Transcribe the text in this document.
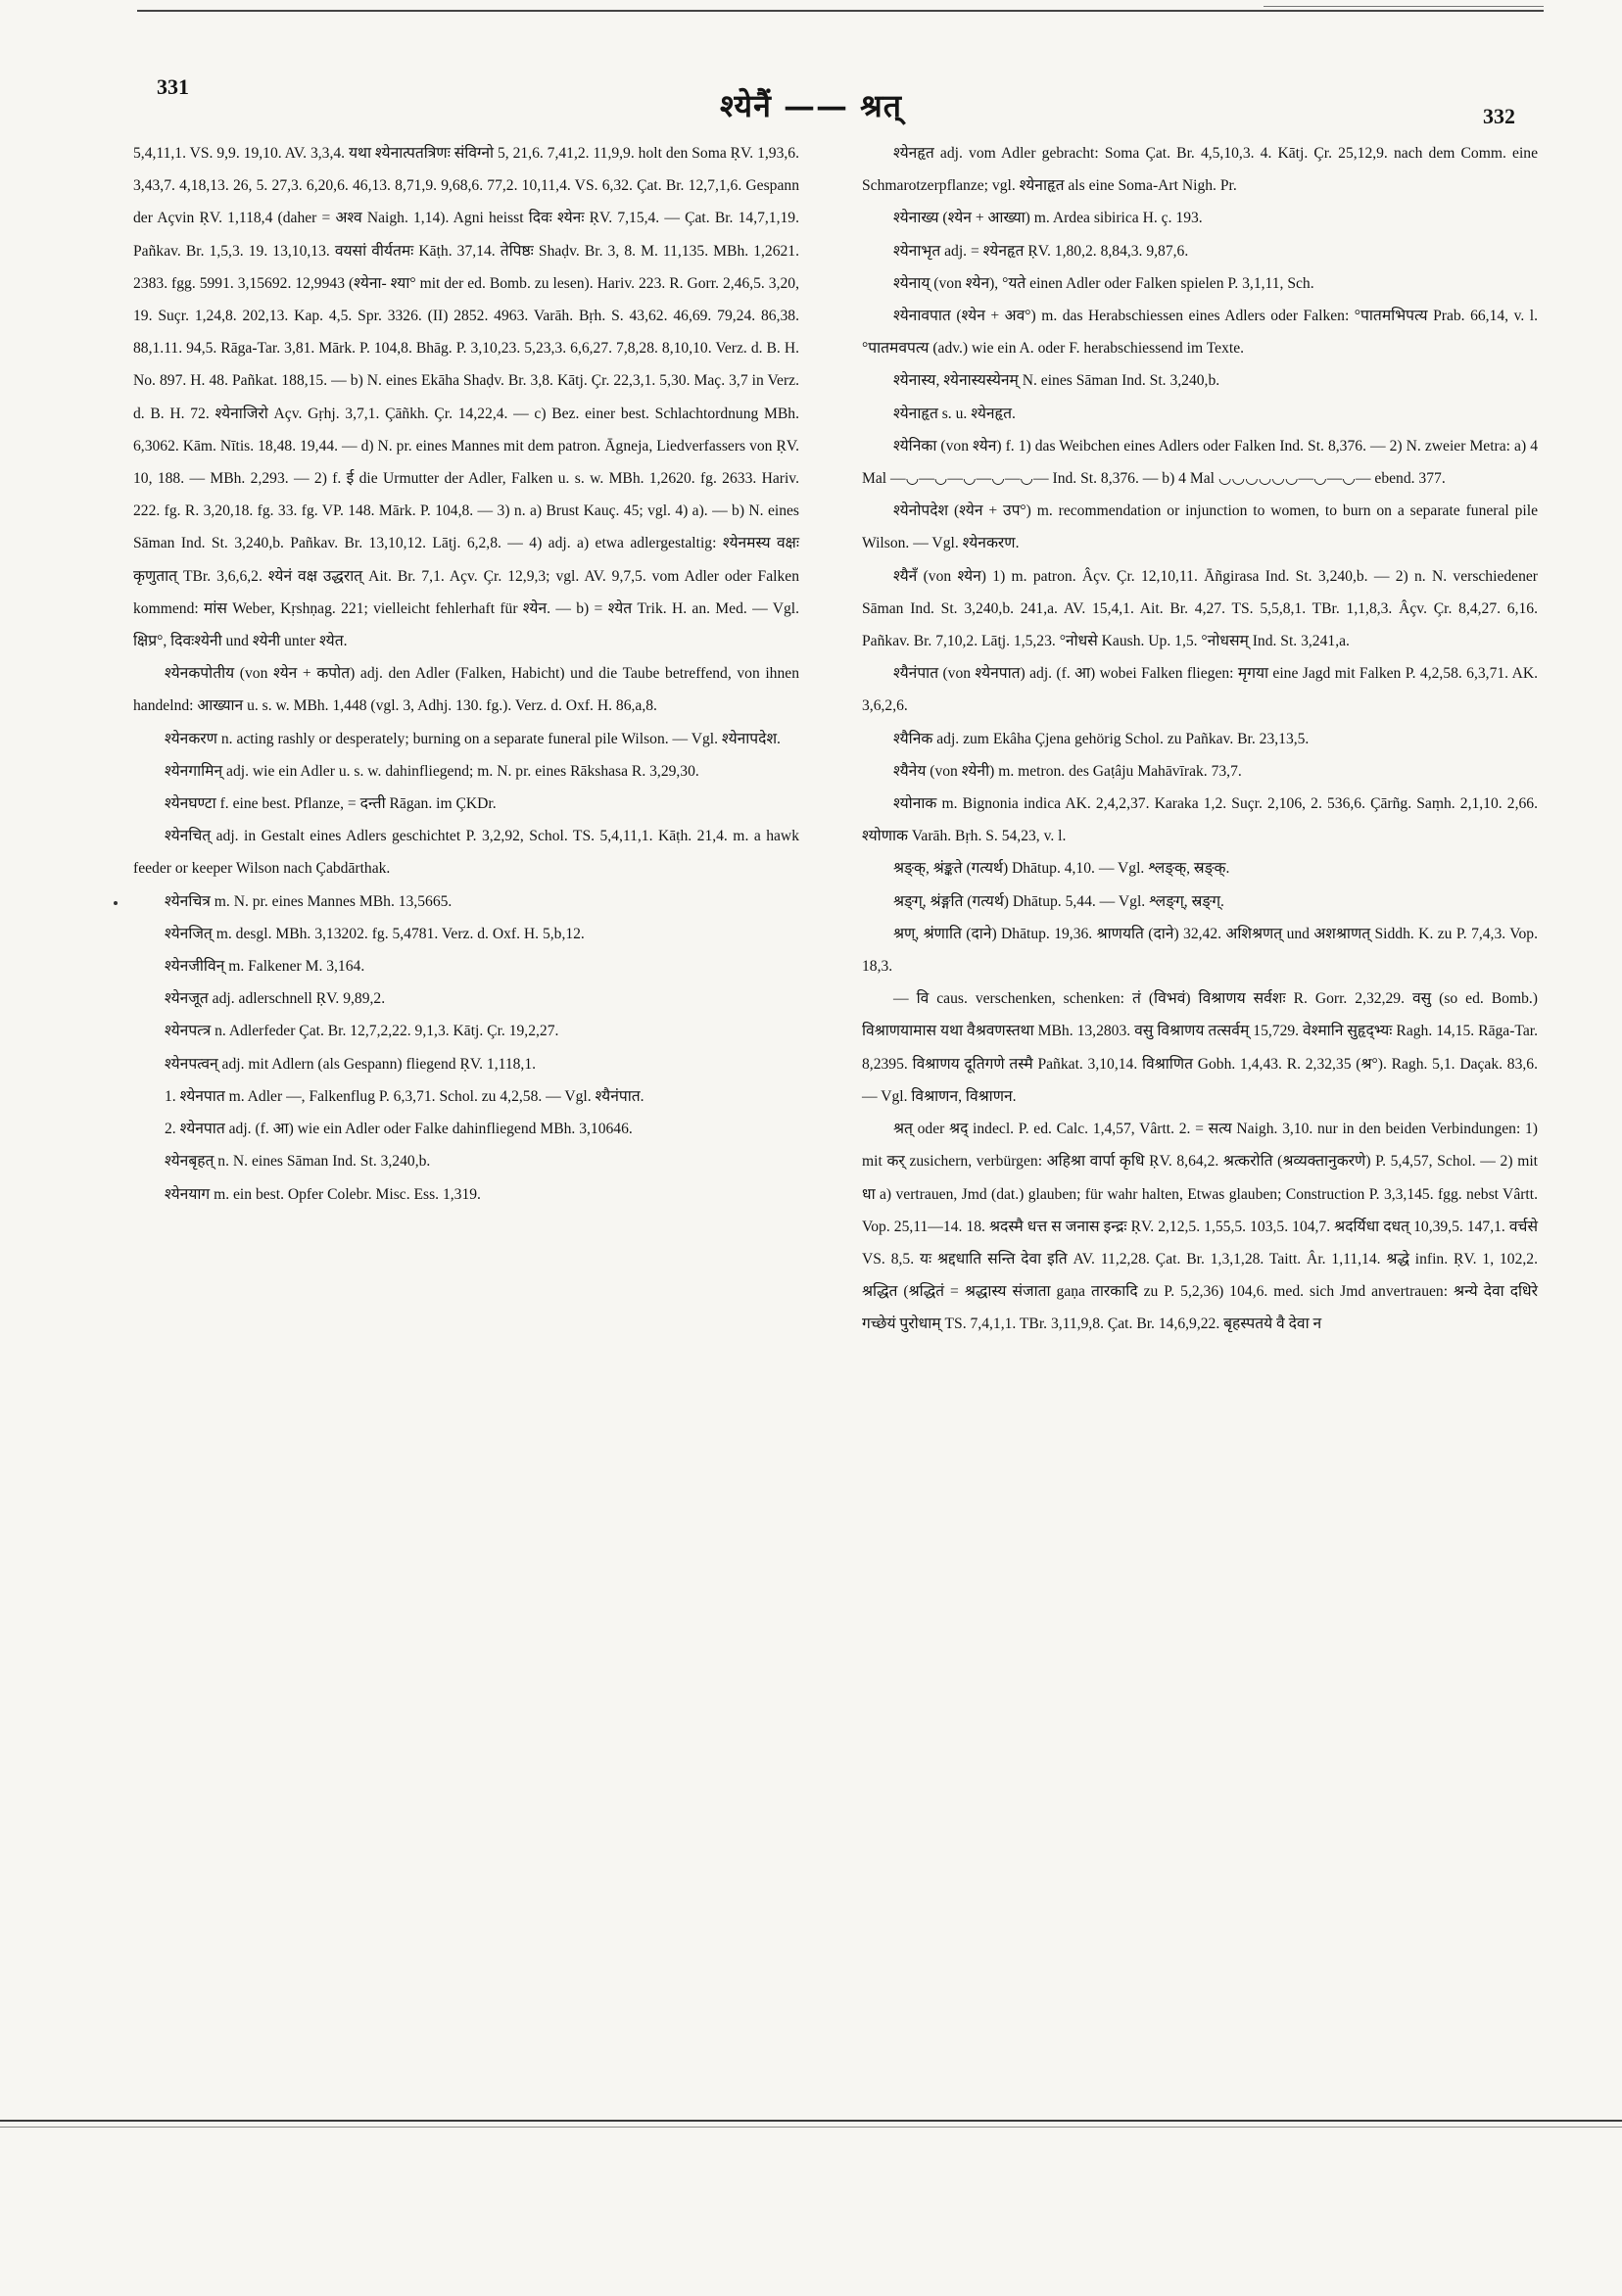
331
श्येनैं —— श्रत्	332

5,4,11,1. VS. 9,9. 19,10. AV. 3,3,4. यथा श्येनात्पतत्रिणः संविग्नो 5, 21,6. 7,41,2. 11,9,9. holt den Soma ṚV. 1,93,6. 3,43,7. 4,18,13. 26, 5. 27,3. 6,20,6. 46,13. 8,71,9. 9,68,6. 77,2. 10,11,4. VS. 6,32. Çat. Br. 12,7,1,6. Gespann der Açvin ṚV. 1,118,4 (daher = अश्व Naigh. 1,14). Agni heisst दिवः श्येनः ṚV. 7,15,4. — Çat. Br. 14,7,1,19. Pañkav. Br. 1,5,3. 19. 13,10,13. वयसां वीर्यतमः Kāṭh. 37,14. तेपिष्ठः Shaḍv. Br. 3, 8. M. 11,135. MBh. 1,2621. 2383. fgg. 5991. 3,15692. 12,9943 (श्येना- श्या° mit der ed. Bomb. zu lesen). Hariv. 223. R. Gorr. 2,46,5. 3,20, 19. Suçr. 1,24,8. 202,13. Kap. 4,5. Spr. 3326. (II) 2852. 4963. Varāh. Bṛh. S. 43,62. 46,69. 79,24. 86,38. 88,1.11. 94,5. Rāga-Tar. 3,81. Mārk. P. 104,8. Bhāg. P. 3,10,23. 5,23,3. 6,6,27. 7,8,28. 8,10,10. Verz. d. B. H. No. 897. H. 48. Pañkat. 188,15. — b) N. eines Ekāha Shaḍv. Br. 3,8. Kātj. Çr. 22,3,1. 5,30. Maç. 3,7 in Verz. d. B. H. 72. श्येनाजिरो Açv. Gṛhj. 3,7,1. Çāñkh. Çr. 14,22,4. — c) Bez. einer best. Schlachtordnung MBh. 6,3062. Kām. Nītis. 18,48. 19,44. — d) N. pr. eines Mannes mit dem patron. Āgneja, Liedverfassers von ṚV. 10, 188. — MBh. 2,293. — 2) f. ई die Urmutter der Adler, Falken u. s. w. MBh. 1,2620. fg. 2633. Hariv. 222. fg. R. 3,20,18. fg. 33. fg. VP. 148. Mārk. P. 104,8. — 3) n. a) Brust Kauç. 45; vgl. 4) a). — b) N. eines Sāman Ind. St. 3,240,b. Pañkav. Br. 13,10,12. Lāṭj. 6,2,8. — 4) adj. a) etwa adlergestaltig: श्येनमस्य वक्षः कृणुतात् TBr. 3,6,6,2. श्येनं वक्ष उद्धरात् Ait. Br. 7,1. Açv. Çr. 12,9,3; vgl. AV. 9,7,5. vom Adler oder Falken kommend: मांस Weber, Kṛshṇag. 221; vielleicht fehlerhaft für श्येन. — b) = श्येत Trik. H. an. Med. — Vgl. क्षिप्र°, दिवःश्येनी und श्येनी unter श्येत.

श्येनकपोतीय (von श्येन + कपोत) adj. den Adler (Falken, Habicht) und die Taube betreffend, von ihnen handelnd: आख्यान u. s. w. MBh. 1,448 (vgl. 3, Adhj. 130. fg.). Verz. d. Oxf. H. 86,a,8.

श्येनकरण n. acting rashly or desperately; burning on a separate funeral pile Wilson. — Vgl. श्येनापदेश.

श्येनगामिन् adj. wie ein Adler u. s. w. dahinfliegend; m. N. pr. eines Rākshasa R. 3,29,30.

श्येनघण्टा f. eine best. Pflanze, = दन्ती Rāgan. im ÇKDr.

श्येनचित् adj. in Gestalt eines Adlers geschichtet P. 3,2,92, Schol. TS. 5,4,11,1. Kāṭh. 21,4. m. a hawk feeder or keeper Wilson nach Çabdārthak.

श्येनचित्र m. N. pr. eines Mannes MBh. 13,5665.

श्येनजित् m. desgl. MBh. 3,13202. fg. 5,4781. Verz. d. Oxf. H. 5,b,12.

श्येनजीविन् m. Falkener M. 3,164.

श्येनजूत adj. adlerschnell ṚV. 9,89,2.

श्येनपत्त्र n. Adlerfeder Çat. Br. 12,7,2,22. 9,1,3. Kātj. Çr. 19,2,27.

श्येनपत्वन् adj. mit Adlern (als Gespann) fliegend ṚV. 1,118,1.

1. श्येनपात m. Adler —, Falkenflug P. 6,3,71. Schol. zu 4,2,58. — Vgl. श्यैनंपात.

2. श्येनपात adj. (f. आ) wie ein Adler oder Falke dahinfliegend MBh. 3,10646.

श्येनबृहत् n. N. eines Sāman Ind. St. 3,240,b.

श्येनयाग m. ein best. Opfer Colebr. Misc. Ess. 1,319.

श्येनहृत adj. vom Adler gebracht: Soma Çat. Br. 4,5,10,3. 4. Kātj. Çr. 25,12,9. nach dem Comm. eine Schmarotzerpflanze; vgl. श्येनाहृत als eine Soma-Art Nigh. Pr.

श्येनाख्य (श्येन + आख्या) m. Ardea sibirica H. ç. 193.

श्येनाभृत adj. = श्येनहृत ṚV. 1,80,2. 8,84,3. 9,87,6.

श्येनाय् (von श्येन), °यते einen Adler oder Falken spielen P. 3,1,11, Sch.

श्येनावपात (श्येन + अव°) m. das Herabschiessen eines Adlers oder Falken: °पातमभिपत्य Prab. 66,14, v. l. °पातमवपत्य (adv.) wie ein A. oder F. herabschiessend im Texte.

श्येनास्य, श्येनास्यस्येनम् N. eines Sāman Ind. St. 3,240,b.

श्येनाहृत s. u. श्येनहृत.

श्येनिका (von श्येन) f. 1) das Weibchen eines Adlers oder Falken Ind. St. 8,376. — 2) N. zweier Metra: a) 4 Mal —◡—◡—◡—◡—◡— Ind. St. 8,376. — b) 4 Mal ◡◡◡◡◡◡—◡—◡— ebend. 377.

श्येनोपदेश (श्येन + उप°) m. recommendation or injunction to women, to burn on a separate funeral pile Wilson. — Vgl. श्येनकरण.

श्यैनँ (von श्येन) 1) m. patron. Âçv. Çr. 12,10,11. Āñgirasa Ind. St. 3,240,b. — 2) n. N. verschiedener Sāman Ind. St. 3,240,b. 241,a. AV. 15,4,1. Ait. Br. 4,27. TS. 5,5,8,1. TBr. 1,1,8,3. Âçv. Çr. 8,4,27. 6,16. Pañkav. Br. 7,10,2. Lāṭj. 1,5,23. °नोधसे Kaush. Up. 1,5. °नोधसम् Ind. St. 3,241,a.

श्यैनंपात (von श्येनपात) adj. (f. आ) wobei Falken fliegen: मृगया eine Jagd mit Falken P. 4,2,58. 6,3,71. AK. 3,6,2,6.

श्यैनिक adj. zum Ekâha Çjena gehörig Schol. zu Pañkav. Br. 23,13,5.

श्यैनेय (von श्येनी) m. metron. des Gaṭâju Mahāvīrak. 73,7.

श्योनाक m. Bignonia indica AK. 2,4,2,37. Karaka 1,2. Suçr. 2,106, 2. 536,6. Çārñg. Saṃh. 2,1,10. 2,66. श्योणाक Varāh. Bṛh. S. 54,23, v. l.

श्रङ्क्, श्रंङ्कते (गत्यर्थ) Dhātup. 4,10. — Vgl. श्लङ्क्, स्रङ्क्.

श्रङ्ग्, श्रंङ्गति (गत्यर्थ) Dhātup. 5,44. — Vgl. श्लङ्ग्, स्रङ्ग्.

श्रण्, श्रंणाति (दाने) Dhātup. 19,36. श्राणयति (दाने) 32,42. अशिश्रणत् und अशश्राणत् Siddh. K. zu P. 7,4,3. Vop. 18,3.

— वि caus. verschenken, schenken: तं (विभवं) विश्राणय सर्वशः R. Gorr. 2,32,29. वसु (so ed. Bomb.) विश्राणयामास यथा वैश्रवणस्तथा MBh. 13,2803. वसु विश्राणय तत्सर्वम् 15,729. वेश्मानि सुहृद्भ्यः Ragh. 14,15. Rāga-Tar. 8,2395. विश्राणय दूतिगणे तस्मै Pañkat. 3,10,14. विश्राणित Gobh. 1,4,43. R. 2,32,35 (श्र°). Ragh. 5,1. Daçak. 83,6. — Vgl. विश्राणन, विश्राणन.

श्रत् oder श्रद् indecl. P. ed. Calc. 1,4,57, Vârtt. 2. = सत्य Naigh. 3,10. nur in den beiden Verbindungen: 1) mit कर् zusichern, verbürgen: अहिश्रा वार्पा कृधि ṚV. 8,64,2. श्रत्करोति (श्रव्यक्तानुकरणे) P. 5,4,57, Schol. — 2) mit धा a) vertrauen, Jmd (dat.) glauben; für wahr halten, Etwas glauben; Construction P. 3,3,145. fgg. nebst Vârtt. Vop. 25,11—14. 18. श्रदस्मै धत्त स जनास इन्द्रः ṚV. 2,12,5. 1,55,5. 103,5. 104,7. श्रदर्यिधा दधत् 10,39,5. 147,1. वर्चसे VS. 8,5. यः श्रद्दधाति सन्ति देवा इति AV. 11,2,28. Çat. Br. 1,3,1,28. Taitt. Âr. 1,11,14. श्रद्धे infin. ṚV. 1, 102,2. श्रद्धित (श्रद्धितं = श्रद्धास्य संजाता gaṇa तारकादि zu P. 5,2,36) 104,6. med. sich Jmd anvertrauen: श्रन्ये देवा दधिरे गच्छेयं पुरोधाम् TS. 7,4,1,1. TBr. 3,11,9,8. Çat. Br. 14,6,9,22. बृहस्पतये वै देवा न
